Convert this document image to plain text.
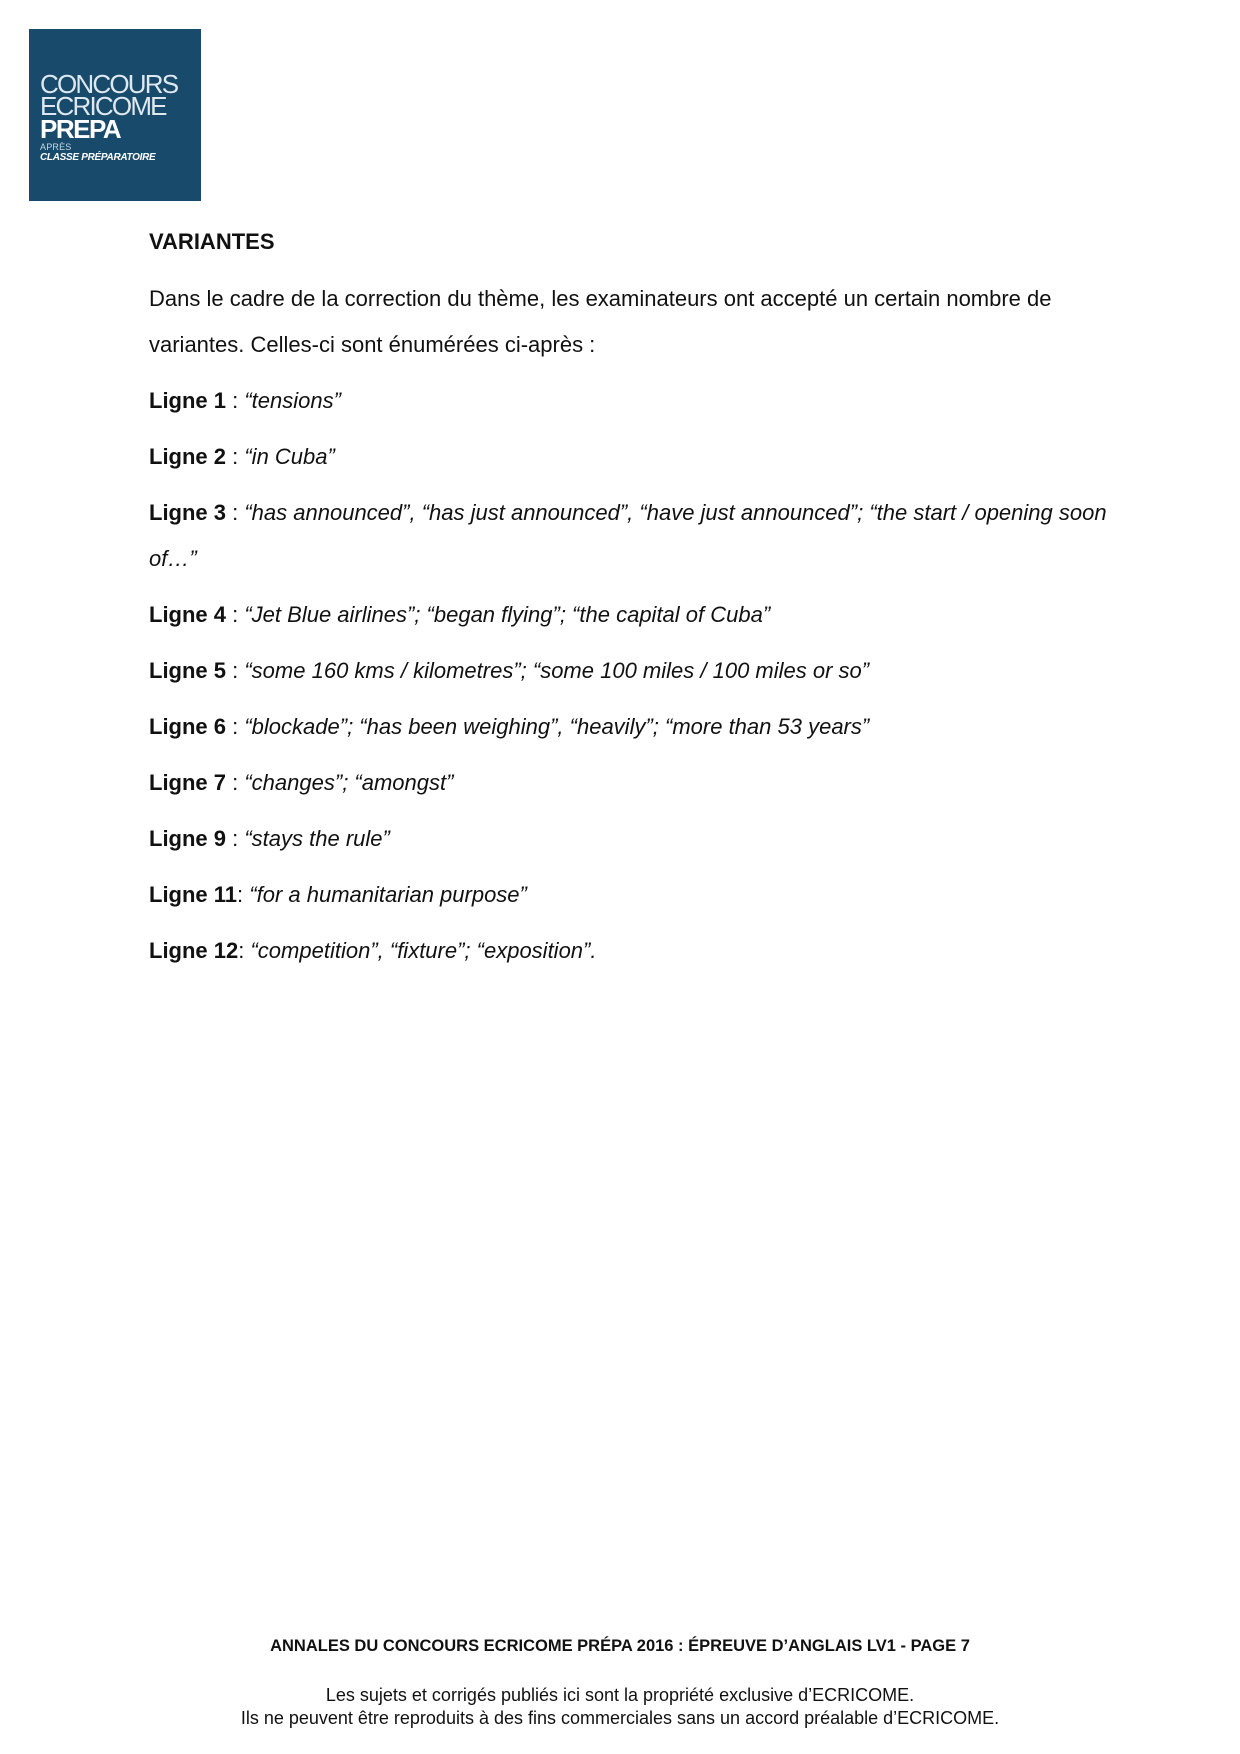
CONCOURS
ECRICOME
PREPA
APRÈS
CLASSE PRÉPARATOIRE
VARIANTES

Dans le cadre de la correction du thème, les examinateurs ont accepté un certain nombre de variantes. Celles-ci sont énumérées ci-après :

Ligne 1 : “tensions”
Ligne 2 : “in Cuba”
Ligne 3 : “has announced”, “has just announced”, “have just announced”; “the start / opening soon of…”
Ligne 4 : “Jet Blue airlines”; “began flying”; “the capital of Cuba”
Ligne 5 : “some 160 kms / kilometres”; “some 100 miles / 100 miles or so”
Ligne 6 : “blockade”; “has been weighing”, “heavily”; “more than 53 years”
Ligne 7 : “changes”; “amongst”
Ligne 9 : “stays the rule”
Ligne 11: “for a humanitarian purpose”
Ligne 12: “competition”, “fixture”; “exposition”.
ANNALES DU CONCOURS ECRICOME PRÉPA 2016 : ÉPREUVE D’ANGLAIS LV1 - PAGE 7
Les sujets et corrigés publiés ici sont la propriété exclusive d’ECRICOME.
Ils ne peuvent être reproduits à des fins commerciales sans un accord préalable d’ECRICOME.
